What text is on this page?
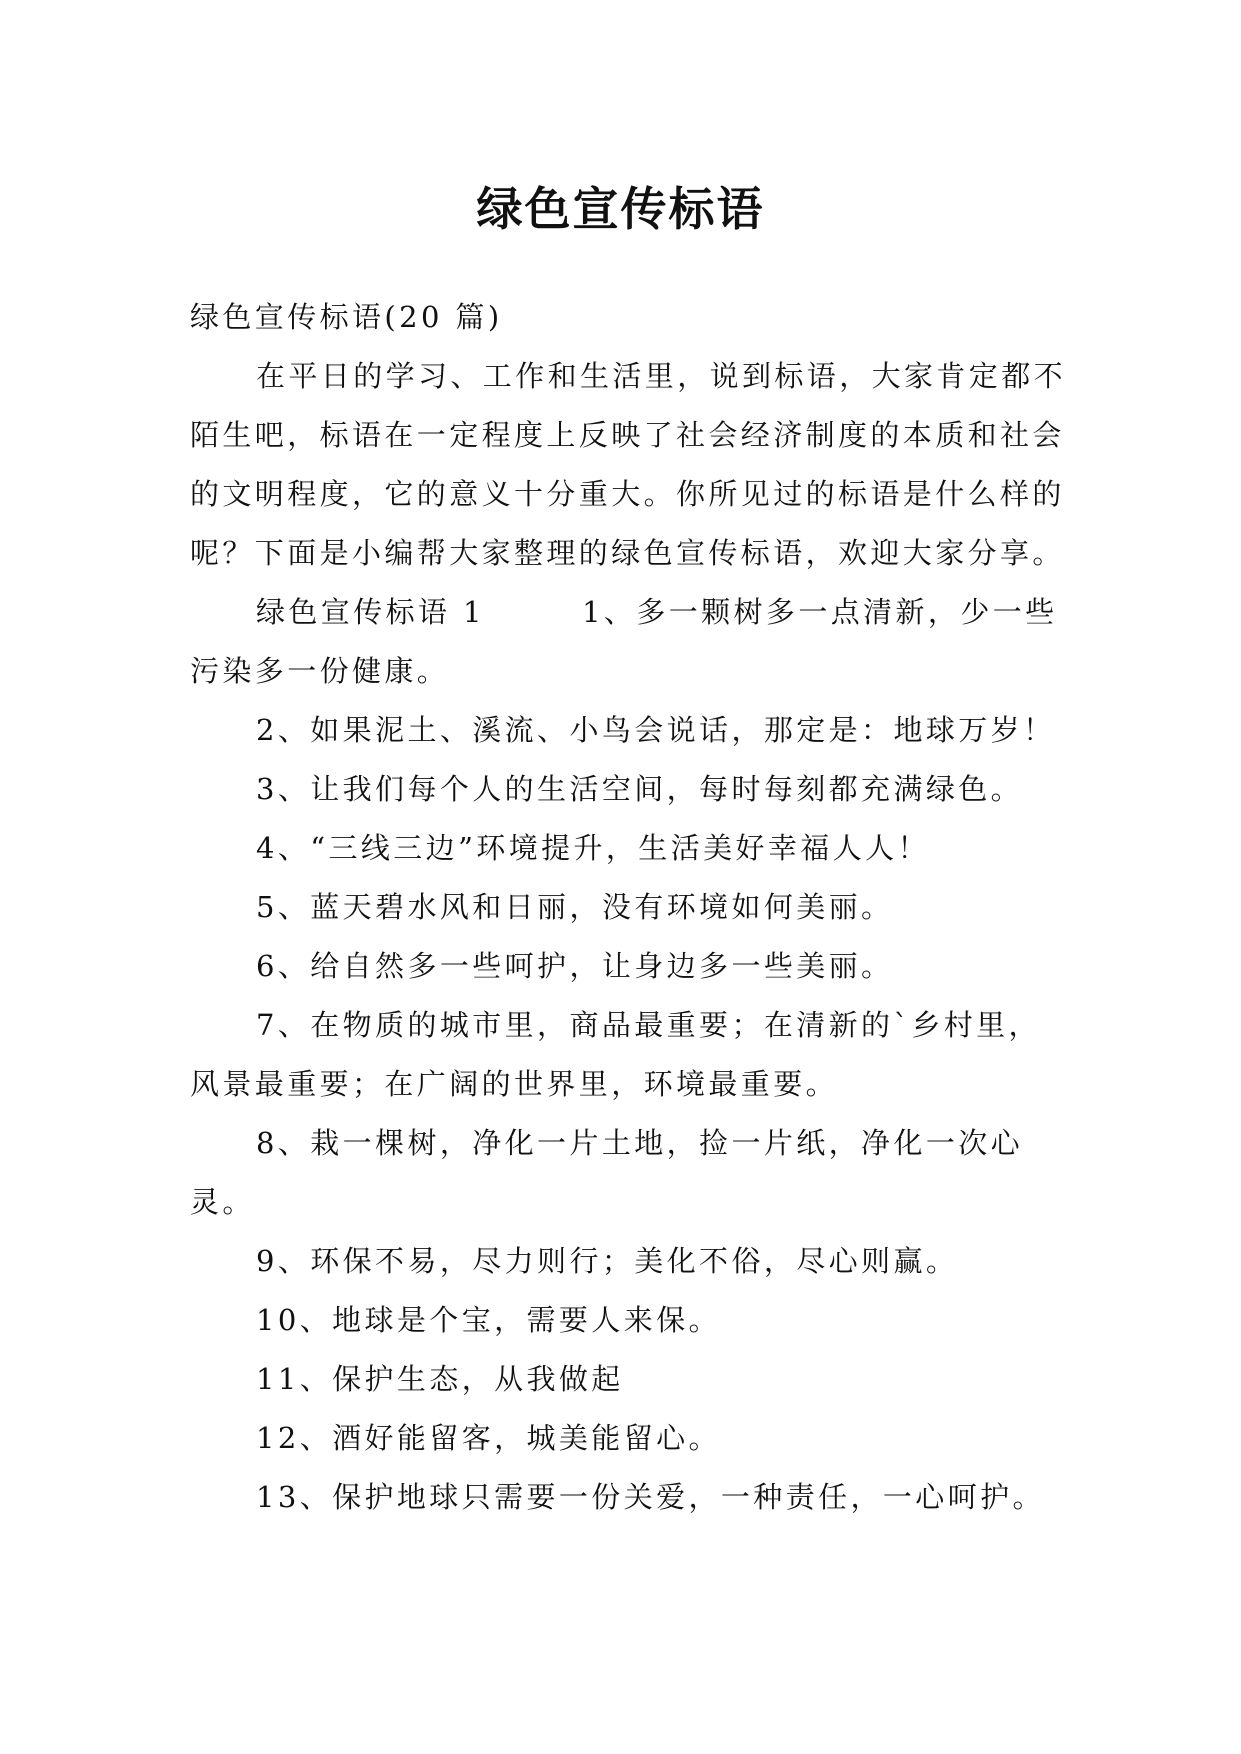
绿色宣传标语

绿色宣传标语(20 篇)

在平日的学习、工作和生活里，说到标语，大家肯定都不陌生吧，标语在一定程度上反映了社会经济制度的本质和社会的文明程度，它的意义十分重大。你所见过的标语是什么样的呢？下面是小编帮大家整理的绿色宣传标语，欢迎大家分享。

绿色宣传标语 1　　　1、多一颗树多一点清新，少一些污染多一份健康。

2、如果泥土、溪流、小鸟会说话，那定是：地球万岁！

3、让我们每个人的生活空间，每时每刻都充满绿色。

4、“三线三边”环境提升，生活美好幸福人人！

5、蓝天碧水风和日丽，没有环境如何美丽。

6、给自然多一些呵护，让身边多一些美丽。

7、在物质的城市里，商品最重要；在清新的`乡村里，风景最重要；在广阔的世界里，环境最重要。

8、栽一棵树，净化一片土地，捡一片纸，净化一次心灵。

9、环保不易，尽力则行；美化不俗，尽心则赢。

10、地球是个宝，需要人来保。

11、保护生态，从我做起

12、酒好能留客，城美能留心。

13、保护地球只需要一份关爱，一种责任，一心呵护。
